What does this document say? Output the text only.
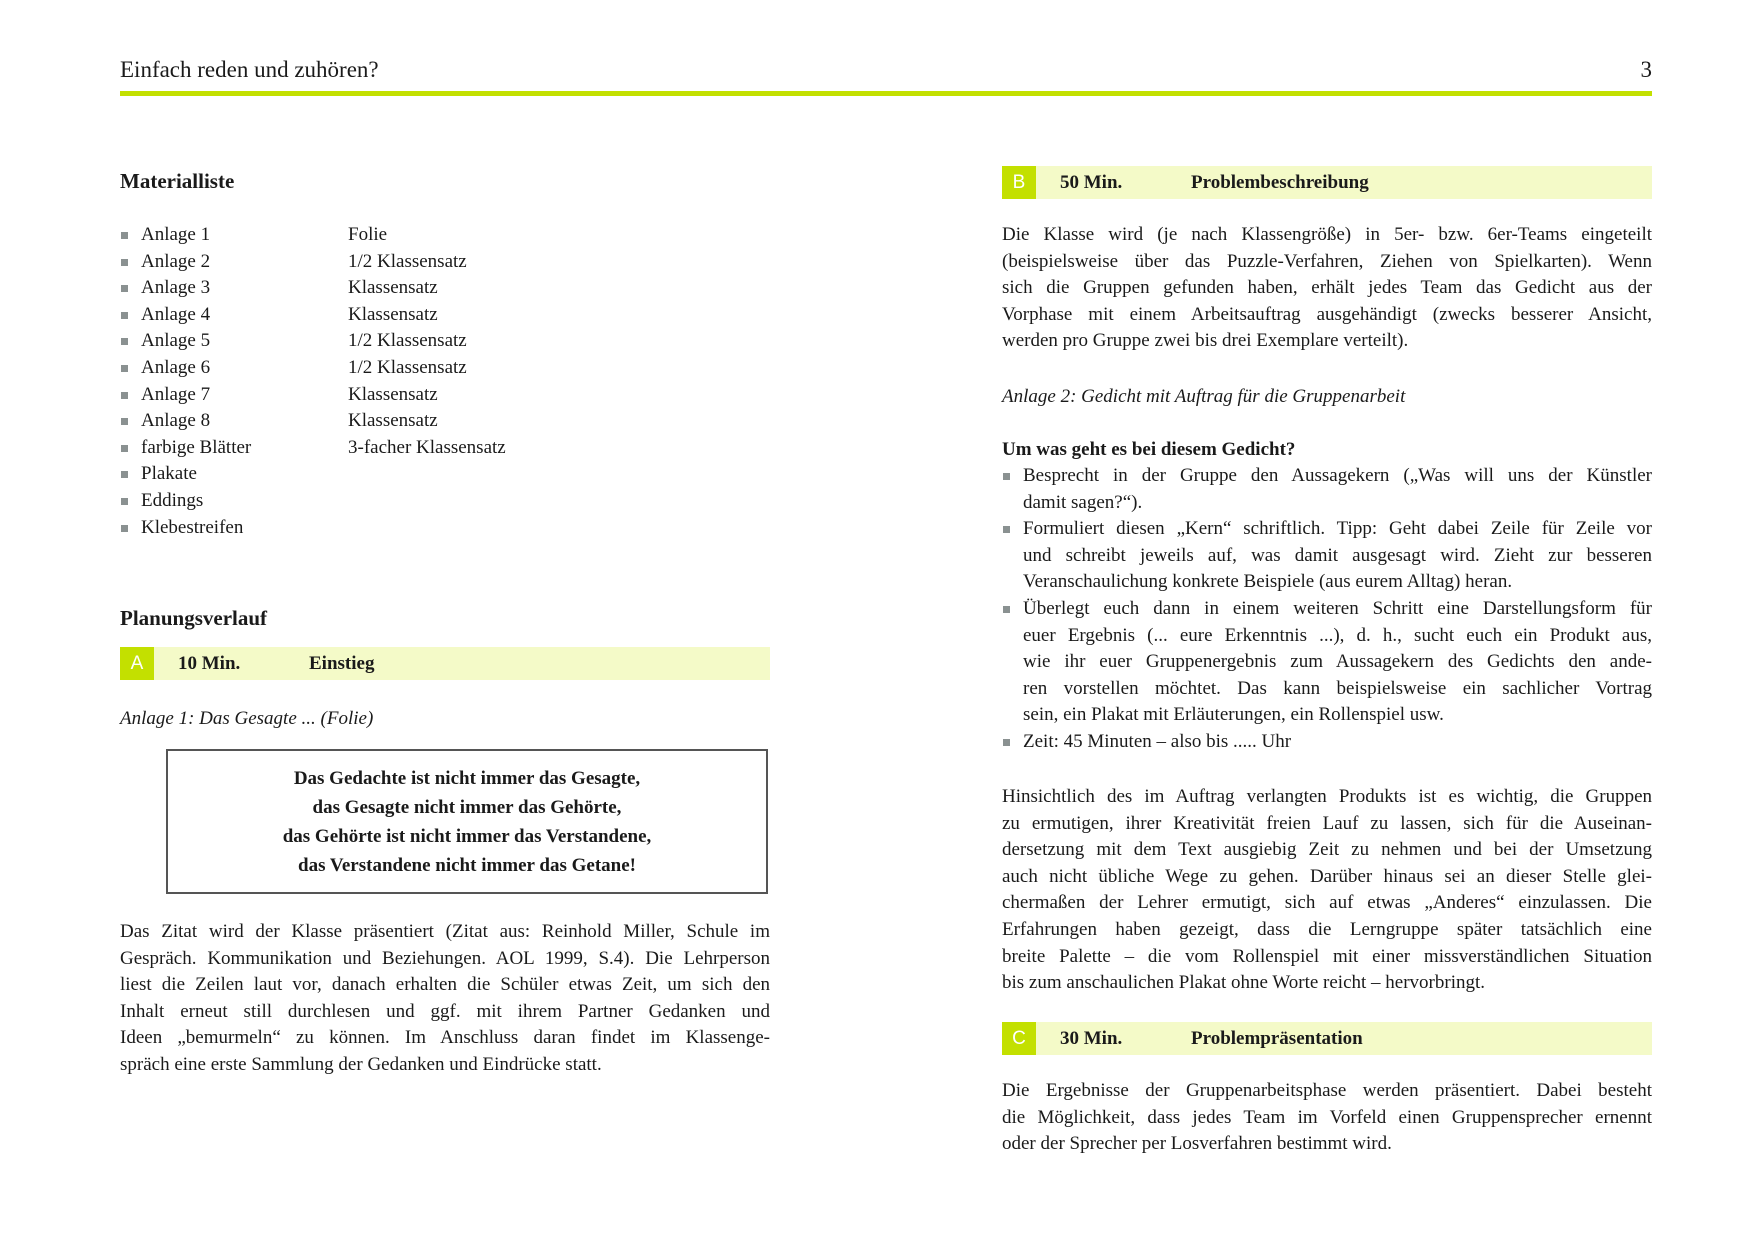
Einfach reden und zuhören?	3
Materialliste
Anlage 1	Folie
Anlage 2	1/2 Klassensatz
Anlage 3	Klassensatz
Anlage 4	Klassensatz
Anlage 5	1/2 Klassensatz
Anlage 6	1/2 Klassensatz
Anlage 7	Klassensatz
Anlage 8	Klassensatz
farbige Blätter	3-facher Klassensatz
Plakate
Eddings
Klebestreifen
Planungsverlauf
A	10 Min.	Einstieg
Anlage 1: Das Gesagte ... (Folie)
Das Gedachte ist nicht immer das Gesagte,
das Gesagte nicht immer das Gehörte,
das Gehörte ist nicht immer das Verstandene,
das Verstandene nicht immer das Getane!
Das Zitat wird der Klasse präsentiert (Zitat aus: Reinhold Miller, Schule im
Gespräch. Kommunikation und Beziehungen. AOL 1999, S.4). Die Lehrperson
liest die Zeilen laut vor, danach erhalten die Schüler etwas Zeit, um sich den
Inhalt erneut still durchlesen und ggf. mit ihrem Partner Gedanken und
Ideen „bemurmeln“ zu können. Im Anschluss daran findet im Klassenge-
spräch eine erste Sammlung der Gedanken und Eindrücke statt.
B	50 Min.	Problembeschreibung
Die Klasse wird (je nach Klassengröße) in 5er- bzw. 6er-Teams eingeteilt
(beispielsweise über das Puzzle-Verfahren, Ziehen von Spielkarten). Wenn
sich die Gruppen gefunden haben, erhält jedes Team das Gedicht aus der
Vorphase mit einem Arbeitsauftrag ausgehändigt (zwecks besserer Ansicht,
werden pro Gruppe zwei bis drei Exemplare verteilt).
Anlage 2: Gedicht mit Auftrag für die Gruppenarbeit
Um was geht es bei diesem Gedicht?
Besprecht in der Gruppe den Aussagekern („Was will uns der Künstler
damit sagen?“).
Formuliert diesen „Kern“ schriftlich. Tipp: Geht dabei Zeile für Zeile vor
und schreibt jeweils auf, was damit ausgesagt wird. Zieht zur besseren
Veranschaulichung konkrete Beispiele (aus eurem Alltag) heran.
Überlegt euch dann in einem weiteren Schritt eine Darstellungsform für
euer Ergebnis (... eure Erkenntnis ...), d. h., sucht euch ein Produkt aus,
wie ihr euer Gruppenergebnis zum Aussagekern des Gedichts den ande-
ren vorstellen möchtet. Das kann beispielsweise ein sachlicher Vortrag
sein, ein Plakat mit Erläuterungen, ein Rollenspiel usw.
Zeit: 45 Minuten – also bis ..... Uhr
Hinsichtlich des im Auftrag verlangten Produkts ist es wichtig, die Gruppen
zu ermutigen, ihrer Kreativität freien Lauf zu lassen, sich für die Auseinan-
dersetzung mit dem Text ausgiebig Zeit zu nehmen und bei der Umsetzung
auch nicht übliche Wege zu gehen. Darüber hinaus sei an dieser Stelle glei-
chermaßen der Lehrer ermutigt, sich auf etwas „Anderes“ einzulassen. Die
Erfahrungen haben gezeigt, dass die Lerngruppe später tatsächlich eine
breite Palette – die vom Rollenspiel mit einer missverständlichen Situation
bis zum anschaulichen Plakat ohne Worte reicht – hervorbringt.
C	30 Min.	Problempräsentation
Die Ergebnisse der Gruppenarbeitsphase werden präsentiert. Dabei besteht
die Möglichkeit, dass jedes Team im Vorfeld einen Gruppensprecher ernennt
oder der Sprecher per Losverfahren bestimmt wird.
